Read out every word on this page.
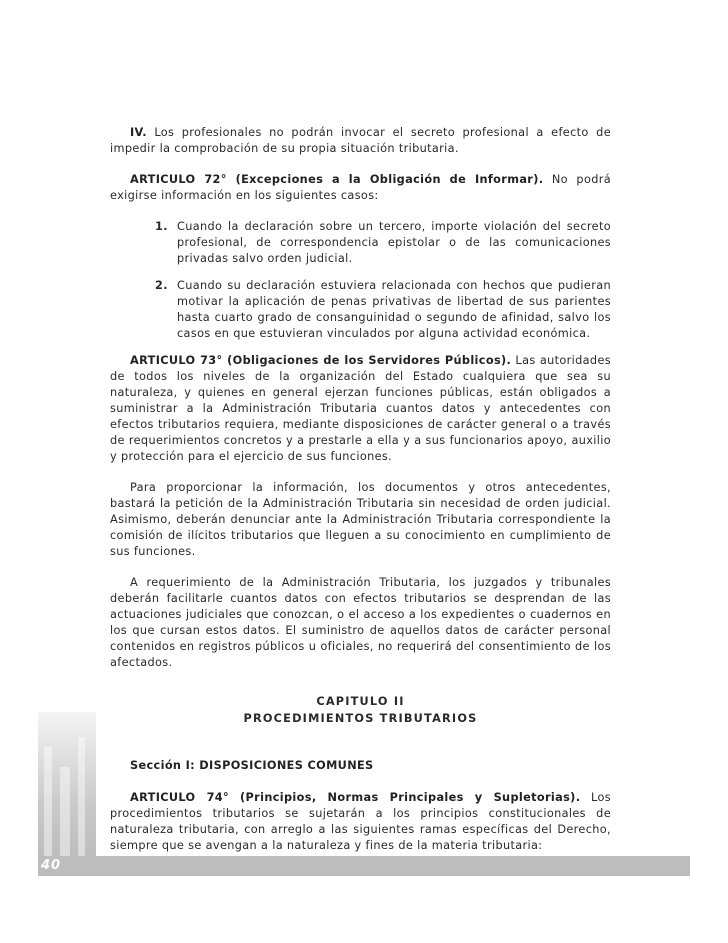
IV. Los profesionales no podrán invocar el secreto profesional a efecto de impedir la comprobación de su propia situación tributaria.

ARTICULO 72° (Excepciones a la Obligación de Informar). No podrá exigirse información en los siguientes casos:

1. Cuando la declaración sobre un tercero, importe violación del secreto profesional, de correspondencia epistolar o de las comunicaciones privadas salvo orden judicial.
2. Cuando su declaración estuviera relacionada con hechos que pudieran motivar la aplicación de penas privativas de libertad de sus parientes hasta cuarto grado de consanguinidad o segundo de afinidad, salvo los casos en que estuvieran vinculados por alguna actividad económica.

ARTICULO 73° (Obligaciones de los Servidores Públicos). Las autoridades de todos los niveles de la organización del Estado cualquiera que sea su naturaleza, y quienes en general ejerzan funciones públicas, están obligados a suministrar a la Administración Tributaria cuantos datos y antecedentes con efectos tributarios requiera, mediante disposiciones de carácter general o a través de requerimientos concretos y a prestarle a ella y a sus funcionarios apoyo, auxilio y protección para el ejercicio de sus funciones.

Para proporcionar la información, los documentos y otros antecedentes, bastará la petición de la Administración Tributaria sin necesidad de orden judicial. Asimismo, deberán denunciar ante la Administración Tributaria correspondiente la comisión de ilícitos tributarios que lleguen a su conocimiento en cumplimiento de sus funciones.

A requerimiento de la Administración Tributaria, los juzgados y tribunales deberán facilitarle cuantos datos con efectos tributarios se desprendan de las actuaciones judiciales que conozcan, o el acceso a los expedientes o cuadernos en los que cursan estos datos. El suministro de aquellos datos de carácter personal contenidos en registros públicos u oficiales, no requerirá del consentimiento de los afectados.

CAPITULO II
PROCEDIMIENTOS TRIBUTARIOS
Sección I: DISPOSICIONES COMUNES

ARTICULO 74° (Principios, Normas Principales y Supletorias). Los procedimientos tributarios se sujetarán a los principios constitucionales de naturaleza tributaria, con arreglo a las siguientes ramas específicas del Derecho, siempre que se avengan a la naturaleza y fines de la materia tributaria:

40
